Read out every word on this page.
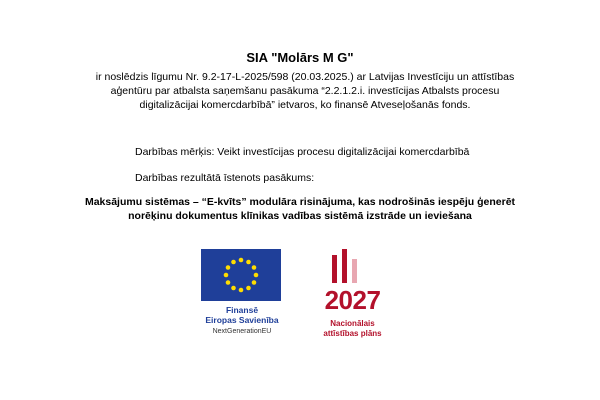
SIA "Molārs M G"
ir noslēdzis līgumu Nr. 9.2-17-L-2025/598 (20.03.2025.) ar Latvijas Investīciju un attīstības
aģentūru par atbalsta saņemšanu pasākuma “2.2.1.2.i. investīcijas Atbalsts procesu
digitalizācijai komercdarbībā” ietvaros, ko finansē Atveseļošanās fonds.
Darbības mērķis: Veikt investīcijas procesu digitalizācijai komercdarbībā
Darbības rezultātā īstenots pasākums:
Maksājumu sistēmas – “E-kvīts” modulāra risinājuma, kas nodrošinās iespēju ģenerēt
norēķinu dokumentus klīnikas vadības sistēmā izstrāde un ieviešana
Finansē
Eiropas Savienība
NextGenerationEU
2027
Nacionālais
attīstības plāns
